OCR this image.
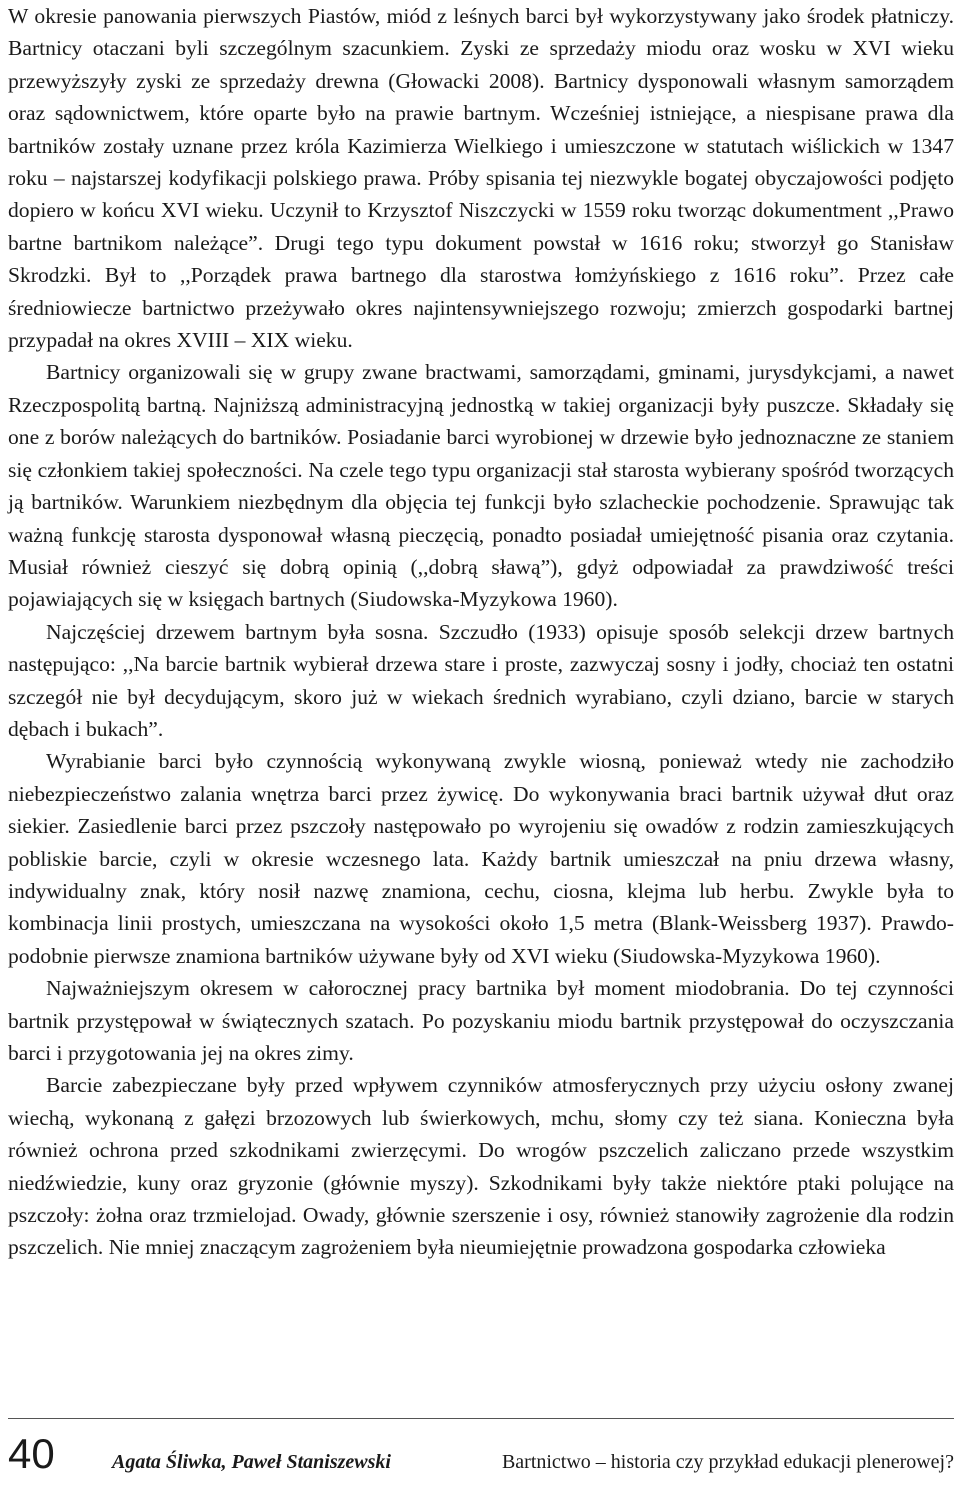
W okresie panowania pierwszych Piastów, miód z leśnych barci był wykorzystywany jako środek płatniczy. Bartnicy otaczani byli szczególnym szacunkiem. Zyski ze sprzedaży miodu oraz wosku w XVI wieku przewyższyły zyski ze sprzedaży drewna (Głowacki 2008). Bartnicy dysponowali własnym samorządem oraz sądownictwem, które oparte było na prawie bartnym. Wcześniej istniejące, a niespisane prawa dla bartników zostały uznane przez króla Kazimierza Wielkiego i umieszczone w statutach wiślickich w 1347 roku – najstarszej kodyfikacji polskiego prawa. Próby spisania tej niezwykle bogatej obyczajowości podjęto dopiero w końcu XVI wieku. Uczynił to Krzysztof Niszczycki w 1559 roku tworząc dokumentment ,,Prawo bartne bartnikom należące”. Drugi tego typu dokument powstał w 1616 roku; stworzył go Stanisław Skrodzki. Był to ,,Porządek prawa bartnego dla starostwa łomżyńskiego z 1616 roku”. Przez całe średniowiecze bartnictwo przeżywało okres najintensywniejszego rozwoju; zmierzch gospodarki bartnej przypadał na okres XVIII – XIX wieku.

Bartnicy organizowali się w grupy zwane bractwami, samorządami, gminami, jurysdykcjami, a nawet Rzeczpospolitą bartną. Najniższą administracyjną jednostką w takiej organizacji były puszcze. Składały się one z borów należących do bartników. Posiadanie barci wyrobionej w drzewie było jednoznaczne ze staniem się członkiem takiej społeczności. Na czele tego typu organizacji stał starosta wybierany spośród tworzących ją bartników. Warunkiem niezbędnym dla objęcia tej funkcji było szlacheckie pochodzenie. Sprawując tak ważną funkcję starosta dysponował własną pieczęcią, ponadto posiadał umiejętność pisania oraz czytania. Musiał również cieszyć się dobrą opinią (,,dobrą sławą”), gdyż odpowiadał za prawdziwość treści pojawiających się w księgach bartnych (Siudowska-Myzykowa 1960).

Najczęściej drzewem bartnym była sosna. Szczudło (1933) opisuje sposób selekcji drzew bartnych następująco: ,,Na barcie bartnik wybierał drzewa stare i proste, zazwyczaj sosny i jodły, chociaż ten ostatni szczegół nie był decydującym, skoro już w wiekach średnich wyrabiano, czyli dziano, barcie w starych dębach i bukach”.

Wyrabianie barci było czynnością wykonywaną zwykle wiosną, ponieważ wtedy nie zachodziło niebezpieczeństwo zalania wnętrza barci przez żywicę. Do wykonywania braci bartnik używał dłut oraz siekier. Zasiedlenie barci przez pszczoły następowało po wyrojeniu się owadów z rodzin zamieszkujących pobliskie barcie, czyli w okresie wczesnego lata. Każdy bartnik umieszczał na pniu drzewa własny, indywidualny znak, który nosił nazwę znamiona, cechu, ciosna, klejma lub herbu. Zwykle była to kombinacja linii prostych, umieszczana na wysokości około 1,5 metra (Blank-Weissberg 1937). Prawdopodobnie pierwsze znamiona bartników używane były od XVI wieku (Siudowska-Myzykowa 1960).

Najważniejszym okresem w całorocznej pracy bartnika był moment miodobrania. Do tej czynności bartnik przystępował w świątecznych szatach. Po pozyskaniu miodu bartnik przystępował do oczyszczania barci i przygotowania jej na okres zimy.

Barcie zabezpieczane były przed wpływem czynników atmosferycznych przy użyciu osłony zwanej wiechą, wykonaną z gałęzi brzozowych lub świerkowych, mchu, słomy czy też siana. Konieczna była również ochrona przed szkodnikami zwierzęcymi. Do wrogów pszczelich zaliczano przede wszystkim niedźwiedzie, kuny oraz gryzonie (głównie myszy). Szkodnikami były także niektóre ptaki polujące na pszczoły: żołna oraz trzmielojad. Owady, głównie szerszenie i osy, również stanowiły zagrożenie dla rodzin pszczelich. Nie mniej znaczącym zagrożeniem była nieumiejętnie prowadzona gospodarka człowieka

40	Agata Śliwka, Paweł Staniszewski	Bartnictwo – historia czy przykład edukacji plenerowej?
